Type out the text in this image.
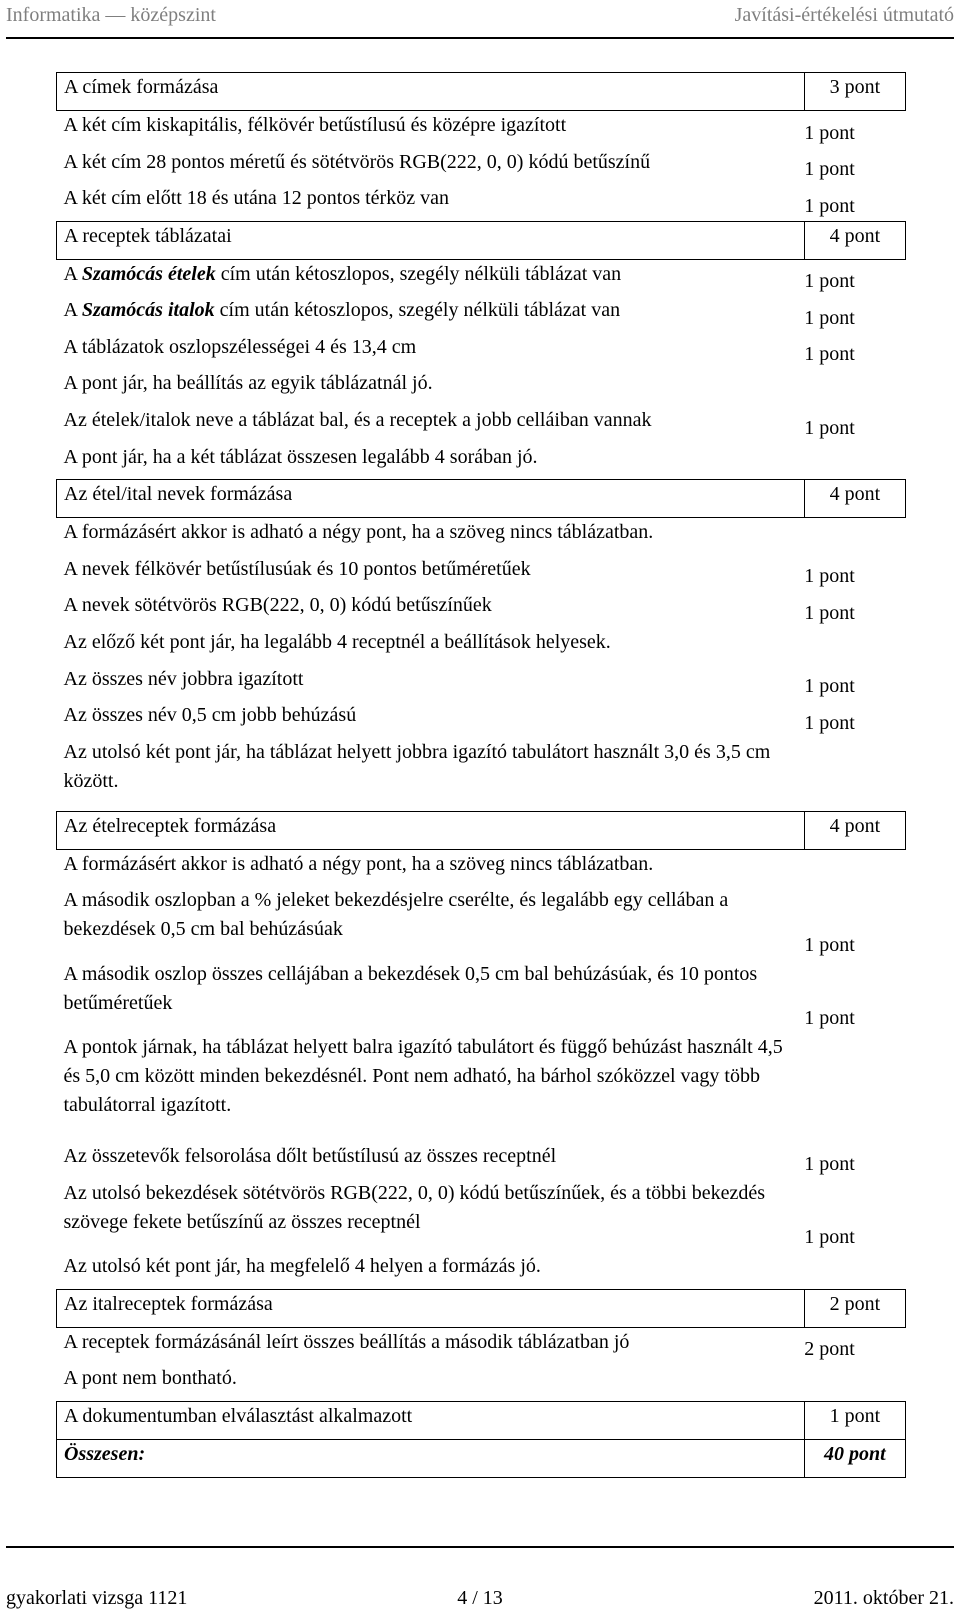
Informatika — középszint	Javítási-értékelési útmutató
A címek formázása		3 pont
A két cím kiskapitális, félkövér betűstílusú és középre igazított	1 pont	
A két cím 28 pontos méretű és sötétvörös RGB(222, 0, 0) kódú betűszínű	1 pont	
A két cím előtt 18 és utána 12 pontos térköz van	1 pont	
A receptek táblázatai		4 pont
A Szamócás ételek cím után kétoszlopos, szegély nélküli táblázat van	1 pont	
A Szamócás italok cím után kétoszlopos, szegély nélküli táblázat van	1 pont	
A táblázatok oszlopszélességei 4 és 13,4 cm	1 pont	
A pont jár, ha beállítás az egyik táblázatnál jó.		
Az ételek/italok neve a táblázat bal, és a receptek a jobb celláiban vannak	1 pont	
A pont jár, ha a két táblázat összesen legalább 4 sorában jó.		
Az étel/ital nevek formázása		4 pont
A formázásért akkor is adható a négy pont, ha a szöveg nincs táblázatban.		
A nevek félkövér betűstílusúak és 10 pontos betűméretűek	1 pont	
A nevek sötétvörös RGB(222, 0, 0) kódú betűszínűek	1 pont	
Az előző két pont jár, ha legalább 4 receptnél a beállítások helyesek.		
Az összes név jobbra igazított	1 pont	
Az összes név 0,5 cm jobb behúzású	1 pont	
Az utolsó két pont jár, ha táblázat helyett jobbra igazító tabulátort használt 3,0 és 3,5 cm között.		
Az ételreceptek formázása		4 pont
A formázásért akkor is adható a négy pont, ha a szöveg nincs táblázatban.		
A második oszlopban a % jeleket bekezdésjelre cserélte, és legalább egy cellában a bekezdések 0,5 cm bal behúzásúak	1 pont	
A második oszlop összes cellájában a bekezdések 0,5 cm bal behúzásúak, és 10 pontos betűméretűek	1 pont	
A pontok járnak, ha táblázat helyett balra igazító tabulátort és függő behúzást használt 4,5 és 5,0 cm között minden bekezdésnél. Pont nem adható, ha bárhol szóközzel vagy több tabulátorral igazított.		
Az összetevők felsorolása dőlt betűstílusú az összes receptnél	1 pont	
Az utolsó bekezdések sötétvörös RGB(222, 0, 0) kódú betűszínűek, és a többi bekezdés szövege fekete betűszínű az összes receptnél	1 pont	
Az utolsó két pont jár, ha megfelelő 4 helyen a formázás jó.		
Az italreceptek formázása		2 pont
A receptek formázásánál leírt összes beállítás a második táblázatban jó	2 pont	
A pont nem bontható.		
A dokumentumban elválasztást alkalmazott		1 pont
Összesen:		40 pont
gyakorlati vizsga 1121	4 / 13	2011. október 21.
